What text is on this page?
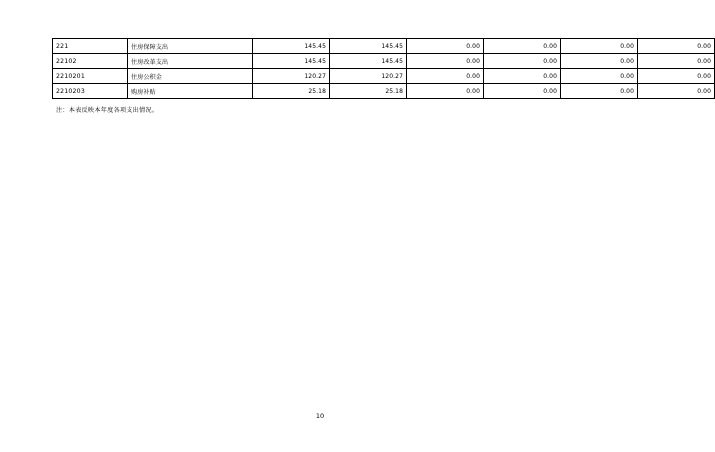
221	住房保障支出	145.45	145.45	0.00	0.00	0.00	0.00
22102	住房改革支出	145.45	145.45	0.00	0.00	0.00	0.00
2210201	住房公积金	120.27	120.27	0.00	0.00	0.00	0.00
2210203	购房补贴	25.18	25.18	0.00	0.00	0.00	0.00
注：本表反映本年度各项支出情况。
10
